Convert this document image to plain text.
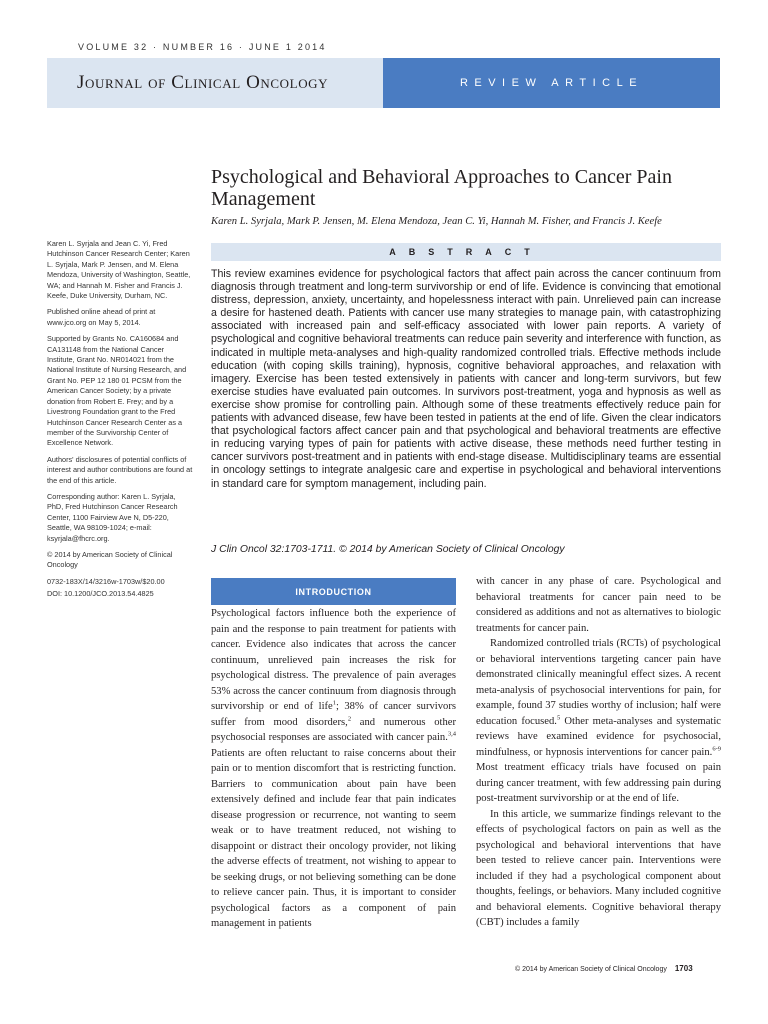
VOLUME 32 · NUMBER 16 · JUNE 1 2014
Journal of Clinical Oncology	REVIEW ARTICLE
Psychological and Behavioral Approaches to Cancer Pain Management
Karen L. Syrjala, Mark P. Jensen, M. Elena Mendoza, Jean C. Yi, Hannah M. Fisher, and Francis J. Keefe
ABSTRACT

This review examines evidence for psychological factors that affect pain across the cancer continuum from diagnosis through treatment and long-term survivorship or end of life. Evidence is convincing that emotional distress, depression, anxiety, uncertainty, and hopelessness interact with pain. Unrelieved pain can increase a desire for hastened death. Patients with cancer use many strategies to manage pain, with catastrophizing associated with increased pain and self-efficacy associated with lower pain reports. A variety of psychological and cognitive behavioral treatments can reduce pain severity and interference with function, as indicated in multiple meta-analyses and high-quality randomized controlled trials. Effective methods include education (with coping skills training), hypnosis, cognitive behavioral approaches, and relaxation with imagery. Exercise has been tested extensively in patients with cancer and long-term survivors, but few exercise studies have evaluated pain outcomes. In survivors post-treatment, yoga and hypnosis as well as exercise show promise for controlling pain. Although some of these treatments effectively reduce pain for patients with advanced disease, few have been tested in patients at the end of life. Given the clear indicators that psychological factors affect cancer pain and that psychological and behavioral treatments are effective in reducing varying types of pain for patients with active disease, these methods need further testing in cancer survivors post-treatment and in patients with end-stage disease. Multidisciplinary teams are essential in oncology settings to integrate analgesic care and expertise in psychological and behavioral interventions in standard care for symptom management, including pain.

J Clin Oncol 32:1703-1711. © 2014 by American Society of Clinical Oncology

Karen L. Syrjala and Jean C. Yi, Fred Hutchinson Cancer Research Center; Karen L. Syrjala, Mark P. Jensen, and M. Elena Mendoza, University of Washington, Seattle, WA; and Hannah M. Fisher and Francis J. Keefe, Duke University, Durham, NC.

Published online ahead of print at www.jco.org on May 5, 2014.

Supported by Grants No. CA160684 and CA131148 from the National Cancer Institute, Grant No. NR014021 from the National Institute of Nursing Research, and Grant No. PEP 12 180 01 PCSM from the American Cancer Society; by a private donation from Robert E. Frey; and by a Livestrong Foundation grant to the Fred Hutchinson Cancer Research Center as a member of the Survivorship Center of Excellence Network.

Authors' disclosures of potential conflicts of interest and author contributions are found at the end of this article.

Corresponding author: Karen L. Syrjala, PhD, Fred Hutchinson Cancer Research Center, 1100 Fairview Ave N, D5-220, Seattle, WA 98109-1024; e-mail: ksyrjala@fhcrc.org.

© 2014 by American Society of Clinical Oncology

0732-183X/14/3216w-1703w/$20.00

DOI: 10.1200/JCO.2013.54.4825	INTRODUCTION

Psychological factors influence both the experience of pain and the response to pain treatment for patients with cancer. Evidence also indicates that across the cancer continuum, unrelieved pain increases the risk for psychological distress. The prevalence of pain averages 53% across the cancer continuum from diagnosis through survivorship or end of life$^1$; 38% of cancer survivors suffer from mood disorders,$^2$ and numerous other psychosocial responses are associated with cancer pain.$^{3,4}$ Patients are often reluctant to raise concerns about their pain or to mention discomfort that is restricting function. Barriers to communication about pain have been extensively defined and include fear that pain indicates disease progression or recurrence, not wanting to seem weak or to have treatment reduced, not wishing to disappoint or distract their oncology provider, not liking the adverse effects of treatment, not wishing to appear to be seeking drugs, or not believing something can be done to relieve cancer pain. Thus, it is important to consider psychological factors as a component of pain management in patients

with cancer in any phase of care. Psychological and behavioral treatments for cancer pain need to be considered as additions and not as alternatives to biologic treatments for cancer pain.

Randomized controlled trials (RCTs) of psychological or behavioral interventions targeting cancer pain have demonstrated clinically meaningful effect sizes. A recent meta-analysis of psychosocial interventions for pain, for example, found 37 studies worthy of inclusion; half were education focused.$^5$ Other meta-analyses and systematic reviews have examined evidence for psychosocial, mindfulness, or hypnosis interventions for cancer pain.$^{6-9}$ Most treatment efficacy trials have focused on pain during cancer treatment, with few addressing pain during post-treatment survivorship or at the end of life.

In this article, we summarize findings relevant to the effects of psychological factors on pain as well as the psychological and behavioral interventions that have been tested to relieve cancer pain. Interventions were included if they had a psychological component about thoughts, feelings, or behaviors. Many included cognitive and behavioral elements. Cognitive behavioral therapy (CBT) includes a family

© 2014 by American Society of Clinical Oncology 1703
